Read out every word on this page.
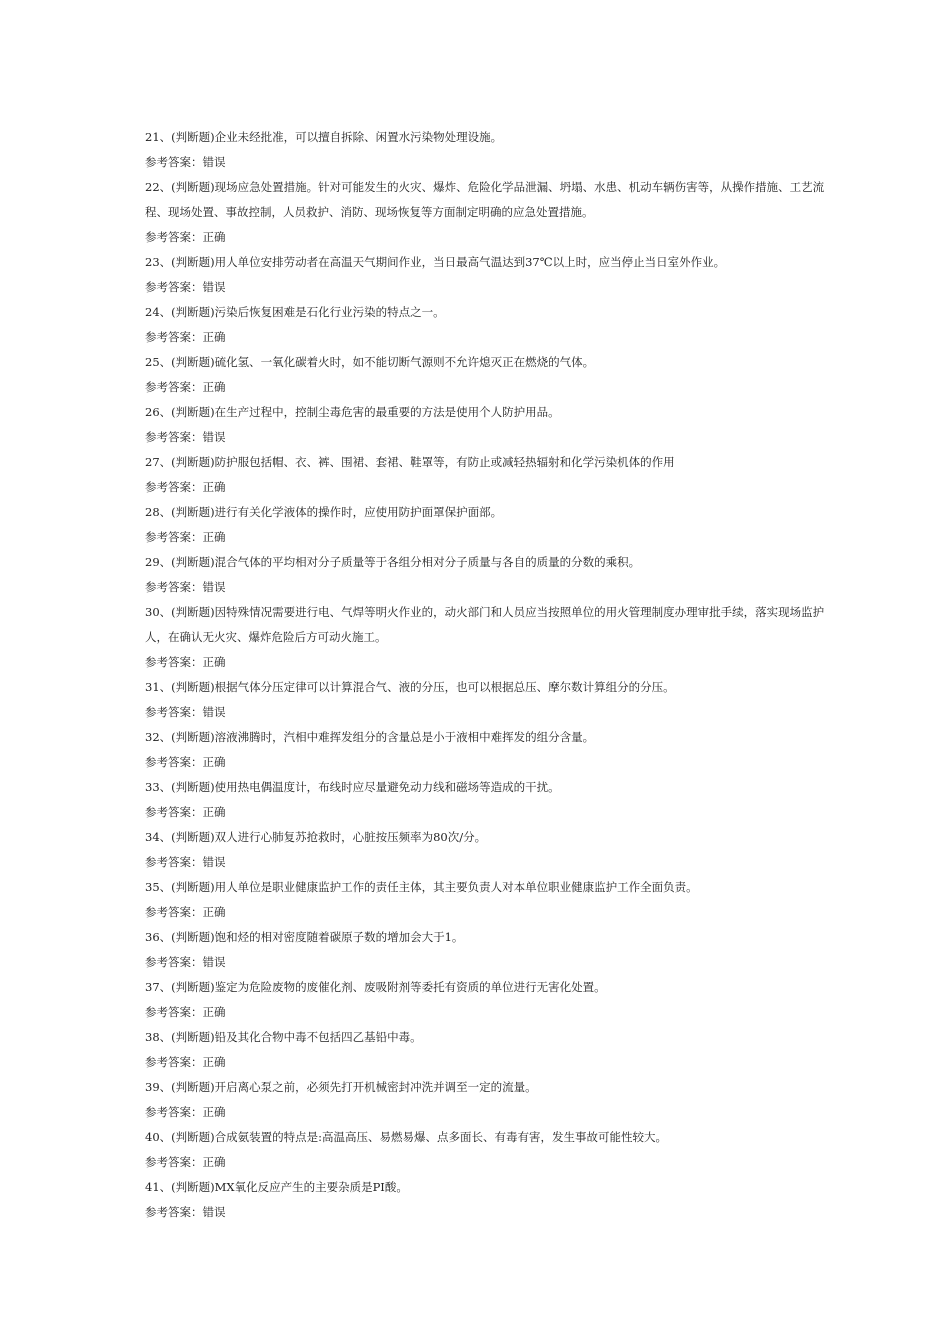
21、(判断题)企业未经批准，可以擅自拆除、闲置水污染物处理设施。

参考答案：错误

22、(判断题)现场应急处置措施。针对可能发生的火灾、爆炸、危险化学品泄漏、坍塌、水患、机动车辆伤害等，从操作措施、工艺流程、现场处置、事故控制，人员救护、消防、现场恢复等方面制定明确的应急处置措施。

参考答案：正确

23、(判断题)用人单位安排劳动者在高温天气期间作业，当日最高气温达到37℃以上时，应当停止当日室外作业。

参考答案：错误

24、(判断题)污染后恢复困难是石化行业污染的特点之一。

参考答案：正确

25、(判断题)硫化氢、一氧化碳着火时，如不能切断气源则不允许熄灭正在燃烧的气体。

参考答案：正确

26、(判断题)在生产过程中，控制尘毒危害的最重要的方法是使用个人防护用品。

参考答案：错误

27、(判断题)防护服包括帽、衣、裤、围裙、套裙、鞋罩等，有防止或减轻热辐射和化学污染机体的作用

参考答案：正确

28、(判断题)进行有关化学液体的操作时，应使用防护面罩保护面部。

参考答案：正确

29、(判断题)混合气体的平均相对分子质量等于各组分相对分子质量与各自的质量的分数的乘积。

参考答案：错误

30、(判断题)因特殊情况需要进行电、气焊等明火作业的，动火部门和人员应当按照单位的用火管理制度办理审批手续，落实现场监护人，在确认无火灾、爆炸危险后方可动火施工。

参考答案：正确

31、(判断题)根据气体分压定律可以计算混合气、液的分压，也可以根据总压、摩尔数计算组分的分压。

参考答案：错误

32、(判断题)溶液沸腾时，汽相中难挥发组分的含量总是小于液相中难挥发的组分含量。

参考答案：正确

33、(判断题)使用热电偶温度计，布线时应尽量避免动力线和磁场等造成的干扰。

参考答案：正确

34、(判断题)双人进行心肺复苏抢救时，心脏按压频率为80次/分。

参考答案：错误

35、(判断题)用人单位是职业健康监护工作的责任主体，其主要负责人对本单位职业健康监护工作全面负责。

参考答案：正确

36、(判断题)饱和烃的相对密度随着碳原子数的增加会大于1。

参考答案：错误

37、(判断题)鉴定为危险废物的废催化剂、废吸附剂等委托有资质的单位进行无害化处置。

参考答案：正确

38、(判断题)铅及其化合物中毒不包括四乙基铅中毒。

参考答案：正确

39、(判断题)开启离心泵之前，必须先打开机械密封冲洗并调至一定的流量。

参考答案：正确

40、(判断题)合成氨装置的特点是:高温高压、易燃易爆、点多面长、有毒有害，发生事故可能性较大。

参考答案：正确

41、(判断题)MX氧化反应产生的主要杂质是PI酸。

参考答案：错误
